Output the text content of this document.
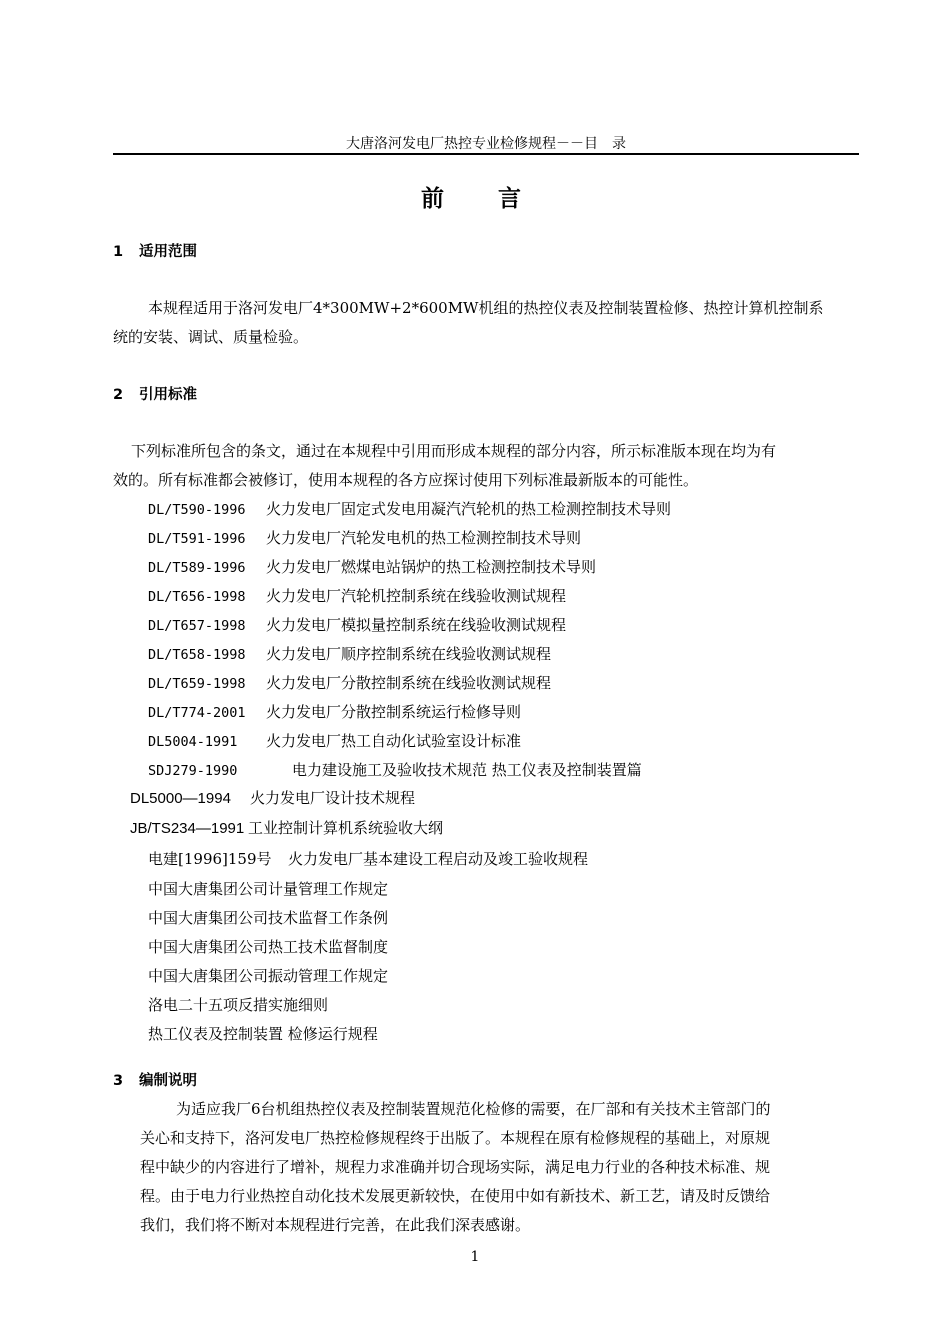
大唐洛河发电厂热控专业检修规程－－目　录
前 言
1 适用范围
本规程适用于洛河发电厂4*300MW+2*600MW机组的热控仪表及控制装置检修、热控计算机控制系
统的安装、调试、质量检验。
2 引用标准
下列标准所包含的条文，通过在本规程中引用而形成本规程的部分内容，所示标准版本现在均为有
效的。所有标准都会被修订，使用本规程的各方应探讨使用下列标准最新版本的可能性。
DL/T590-1996 火力发电厂固定式发电用凝汽汽轮机的热工检测控制技术导则
DL/T591-1996 火力发电厂汽轮发电机的热工检测控制技术导则
DL/T589-1996 火力发电厂燃煤电站锅炉的热工检测控制技术导则
DL/T656-1998 火力发电厂汽轮机控制系统在线验收测试规程
DL/T657-1998 火力发电厂模拟量控制系统在线验收测试规程
DL/T658-1998 火力发电厂顺序控制系统在线验收测试规程
DL/T659-1998 火力发电厂分散控制系统在线验收测试规程
DL/T774-2001 火力发电厂分散控制系统运行检修导则
DL5004-1991 火力发电厂热工自动化试验室设计标准
SDJ279-1990	电力建设施工及验收技术规范 热工仪表及控制装置篇
DL5000—1994 火力发电厂设计技术规程
JB/TS234—1991 工业控制计算机系统验收大纲
电建[1996]159号 火力发电厂基本建设工程启动及竣工验收规程
中国大唐集团公司计量管理工作规定
中国大唐集团公司技术监督工作条例
中国大唐集团公司热工技术监督制度
中国大唐集团公司振动管理工作规定
洛电二十五项反措实施细则
热工仪表及控制装置 检修运行规程
3 编制说明
为适应我厂6台机组热控仪表及控制装置规范化检修的需要，在厂部和有关技术主管部门的
关心和支持下，洛河发电厂热控检修规程终于出版了。本规程在原有检修规程的基础上，对原规
程中缺少的内容进行了增补，规程力求准确并切合现场实际，满足电力行业的各种技术标准、规
程。由于电力行业热控自动化技术发展更新较快，在使用中如有新技术、新工艺，请及时反馈给
我们，我们将不断对本规程进行完善，在此我们深表感谢。
1
